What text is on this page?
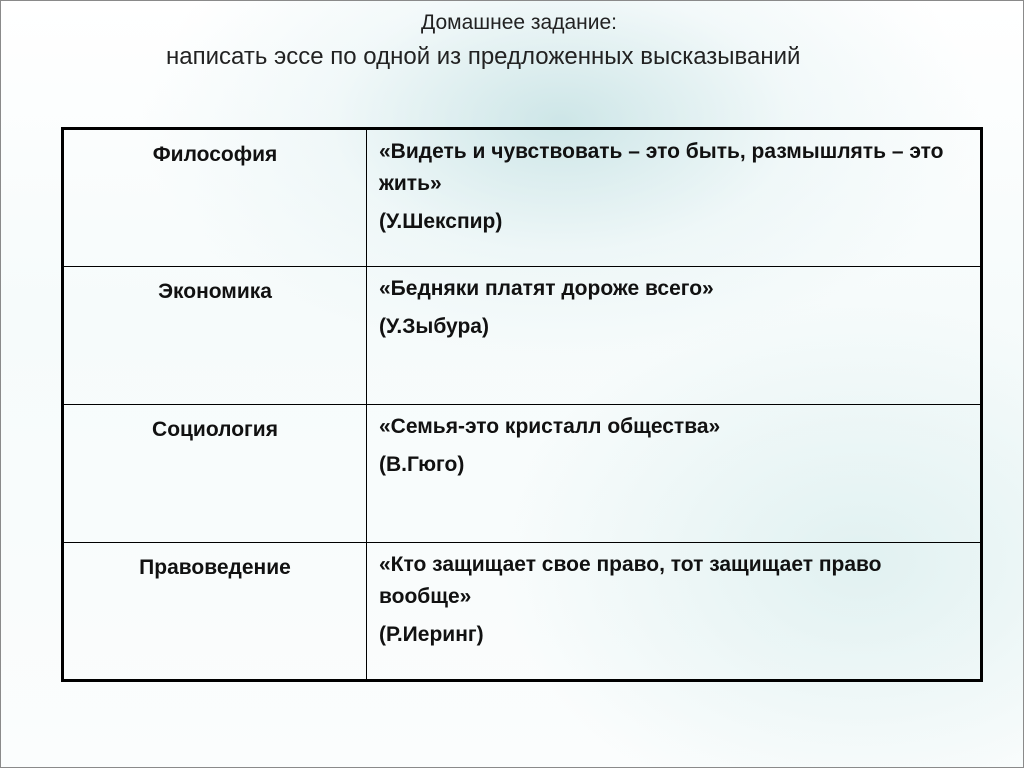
Домашнее задание:
написать эссе по одной из предложенных высказываний
Философия	«Видеть и чувствовать – это быть, размышлять – это жить»
(У.Шекспир)

Экономика	«Бедняки платят дороже всего»
(У.Зыбура)

Социология	«Семья-это кристалл общества»
(В.Гюго)

Правоведение	«Кто защищает свое право, тот защищает право вообще»
(Р.Иеринг)
